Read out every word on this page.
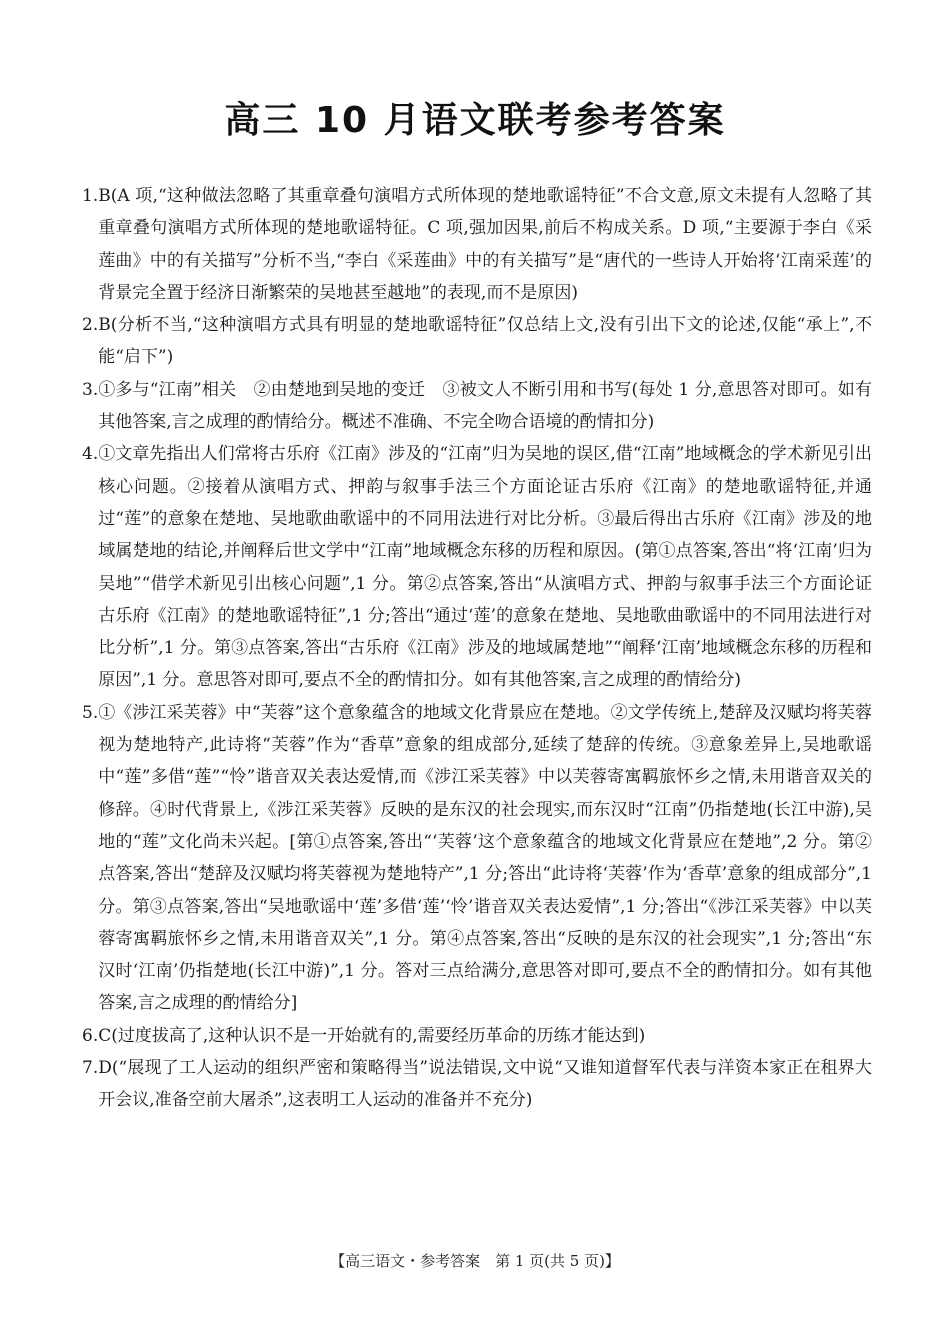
高三 10 月语文联考参考答案
1. B(A 项,“这种做法忽略了其重章叠句演唱方式所体现的楚地歌谣特征”不合文意,原文未提有人忽略了其重章叠句演唱方式所体现的楚地歌谣特征。C 项,强加因果,前后不构成关系。D 项,“主要源于李白《采莲曲》中的有关描写”分析不当,“李白《采莲曲》中的有关描写”是“唐代的一些诗人开始将‘江南采莲’的背景完全置于经济日渐繁荣的吴地甚至越地”的表现,而不是原因)
2. B(分析不当,“这种演唱方式具有明显的楚地歌谣特征”仅总结上文,没有引出下文的论述,仅能“承上”,不能“启下”)
3. ①多与“江南”相关　②由楚地到吴地的变迁　③被文人不断引用和书写(每处 1 分,意思答对即可。如有其他答案,言之成理的酌情给分。概述不准确、不完全吻合语境的酌情扣分)
4. ①文章先指出人们常将古乐府《江南》涉及的“江南”归为吴地的误区,借“江南”地域概念的学术新见引出核心问题。②接着从演唱方式、押韵与叙事手法三个方面论证古乐府《江南》的楚地歌谣特征,并通过“莲”的意象在楚地、吴地歌曲歌谣中的不同用法进行对比分析。③最后得出古乐府《江南》涉及的地域属楚地的结论,并阐释后世文学中“江南”地域概念东移的历程和原因。(第①点答案,答出“将‘江南’归为吴地”“借学术新见引出核心问题”,1 分。第②点答案,答出“从演唱方式、押韵与叙事手法三个方面论证古乐府《江南》的楚地歌谣特征”,1 分;答出“通过‘莲’的意象在楚地、吴地歌曲歌谣中的不同用法进行对比分析”,1 分。第③点答案,答出“古乐府《江南》涉及的地域属楚地”“阐释‘江南’地域概念东移的历程和原因”,1 分。意思答对即可,要点不全的酌情扣分。如有其他答案,言之成理的酌情给分)
5. ①《涉江采芙蓉》中“芙蓉”这个意象蕴含的地域文化背景应在楚地。②文学传统上,楚辞及汉赋均将芙蓉视为楚地特产,此诗将“芙蓉”作为“香草”意象的组成部分,延续了楚辞的传统。③意象差异上,吴地歌谣中“莲”多借“莲”“怜”谐音双关表达爱情,而《涉江采芙蓉》中以芙蓉寄寓羁旅怀乡之情,未用谐音双关的修辞。④时代背景上,《涉江采芙蓉》反映的是东汉的社会现实,而东汉时“江南”仍指楚地(长江中游),吴地的“莲”文化尚未兴起。[第①点答案,答出“‘芙蓉’这个意象蕴含的地域文化背景应在楚地”,2 分。第②点答案,答出“楚辞及汉赋均将芙蓉视为楚地特产”,1 分;答出“此诗将‘芙蓉’作为‘香草’意象的组成部分”,1 分。第③点答案,答出“吴地歌谣中‘莲’多借‘莲’‘怜’谐音双关表达爱情”,1 分;答出“《涉江采芙蓉》中以芙蓉寄寓羁旅怀乡之情,未用谐音双关”,1 分。第④点答案,答出“反映的是东汉的社会现实”,1 分;答出“东汉时‘江南’仍指楚地(长江中游)”,1 分。答对三点给满分,意思答对即可,要点不全的酌情扣分。如有其他答案,言之成理的酌情给分]
6. C(过度拔高了,这种认识不是一开始就有的,需要经历革命的历练才能达到)
7. D(“展现了工人运动的组织严密和策略得当”说法错误,文中说“又谁知道督军代表与洋资本家正在租界大开会议,准备空前大屠杀”,这表明工人运动的准备并不充分)
【高三语文・参考答案　第 1 页(共 5 页)】
